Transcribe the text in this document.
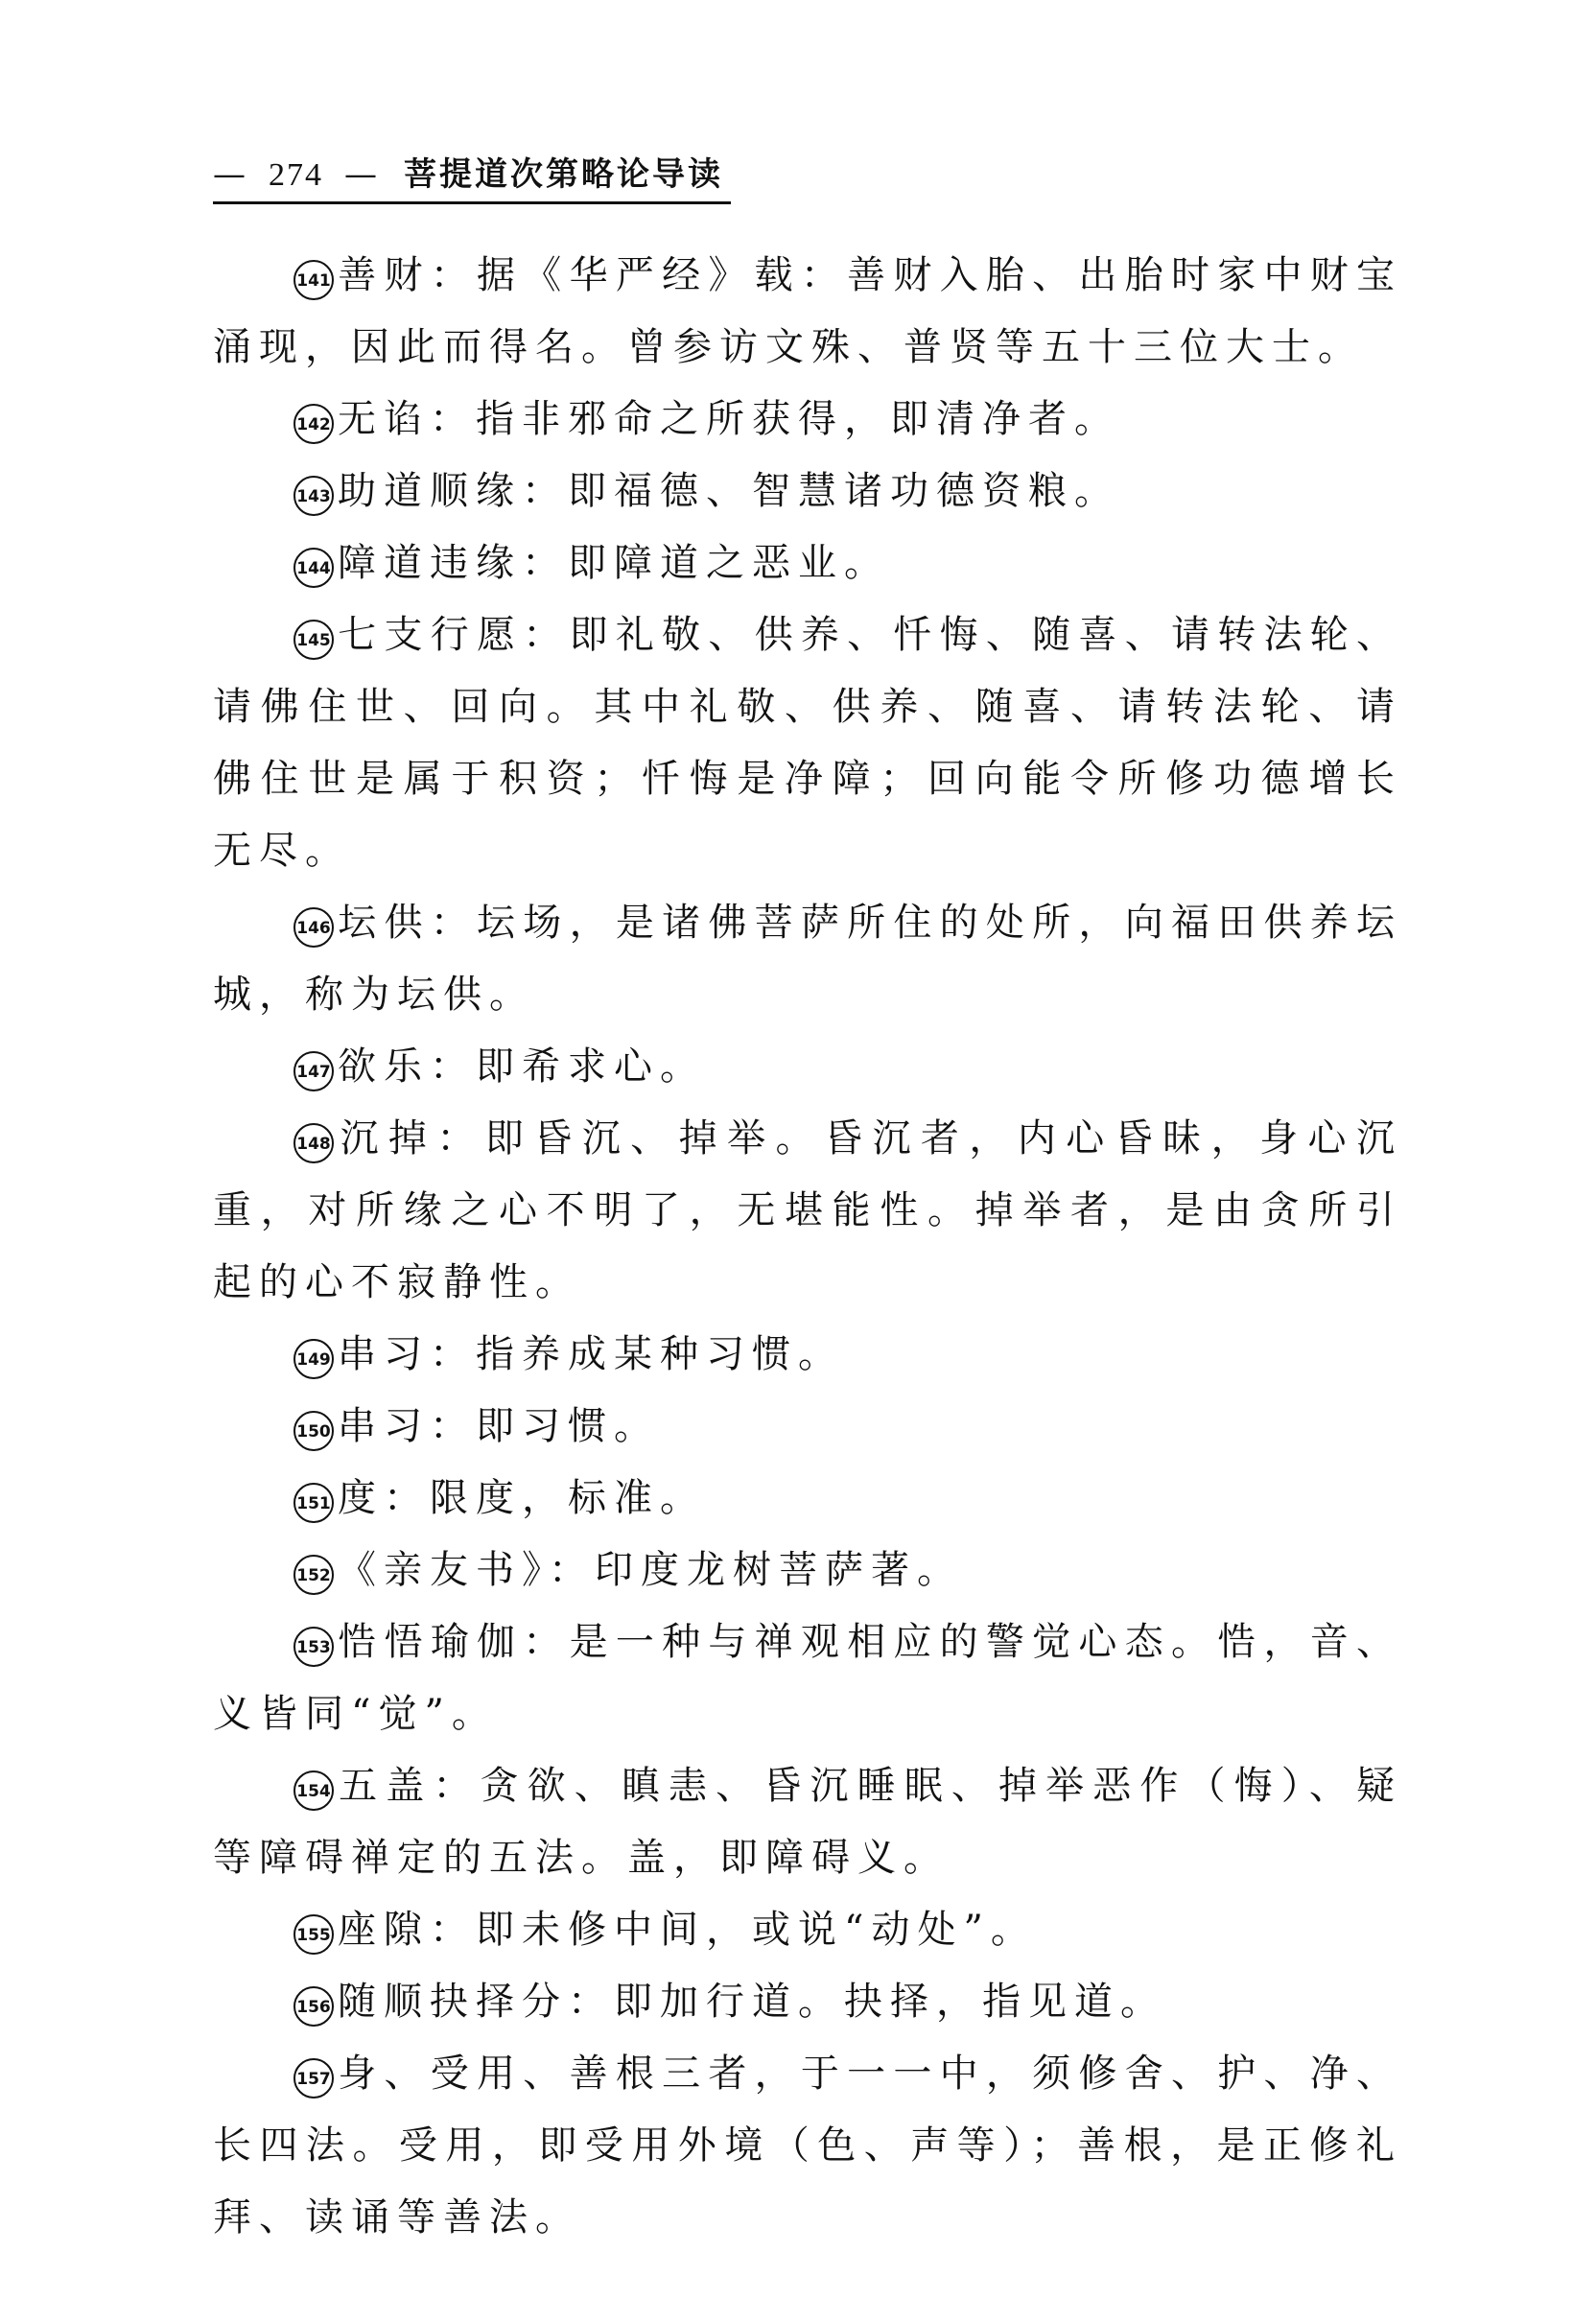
— 274 — 菩提道次第略论导读

141 善财：据《华严经》载：善财入胎、出胎时家中财宝涌现，因此而得名。曾参访文殊、普贤等五十三位大士。

142 无谄：指非邪命之所获得，即清净者。

143 助道顺缘：即福德、智慧诸功德资粮。

144 障道违缘：即障道之恶业。

145 七支行愿：即礼敬、供养、忏悔、随喜、请转法轮、请佛住世、回向。其中礼敬、供养、随喜、请转法轮、请佛住世是属于积资；忏悔是净障；回向能令所修功德增长无尽。

146 坛供：坛场，是诸佛菩萨所住的处所，向福田供养坛城，称为坛供。

147 欲乐：即希求心。

148 沉掉：即昏沉、掉举。昏沉者，内心昏昧，身心沉重，对所缘之心不明了，无堪能性。掉举者，是由贪所引起的心不寂静性。

149 串习：指养成某种习惯。

150 串习：即习惯。

151 度：限度，标准。

152 《亲友书》：印度龙树菩萨著。

153 悎悟瑜伽：是一种与禅观相应的警觉心态。悎，音、义皆同“觉”。

154 五盖：贪欲、瞋恚、昏沉睡眠、掉举恶作（悔）、疑等障碍禅定的五法。盖，即障碍义。

155 座隙：即未修中间，或说“动处”。

156 随顺抉择分：即加行道。抉择，指见道。

157 身、受用、善根三者，于一一中，须修舍、护、净、长四法。受用，即受用外境（色、声等）；善根，是正修礼拜、读诵等善法。
